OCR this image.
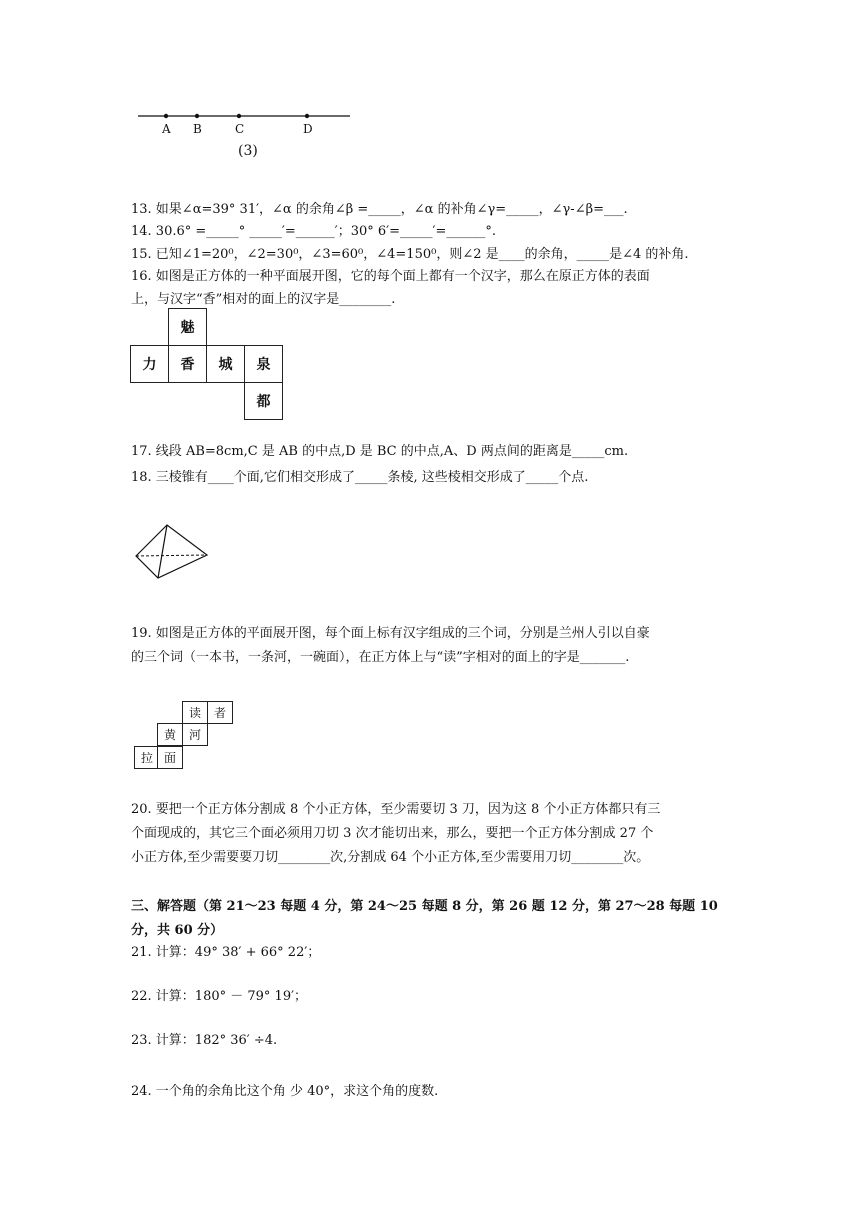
A B	C	D
(3)
13. 如果∠α=39° 31′，∠α 的余角∠β =_____，∠α 的补角∠γ=_____，∠γ-∠β=___.
14. 30.6° =_____° _____′=______′；30° 6′=_____′=______°.
15. 已知∠1=20⁰，∠2=30⁰，∠3=60⁰，∠4=150⁰，则∠2 是____的余角，_____是∠4 的补角.
16. 如图是正方体的一种平面展开图，它的每个面上都有一个汉字，那么在原正方体的表面
上，与汉字“香”相对的面上的汉字是________.
魅
力	香	城	泉
都
17. 线段 AB=8cm,C 是 AB 的中点,D 是 BC 的中点,A、D 两点间的距离是_____cm.
18. 三棱锥有____个面,它们相交形成了_____条棱, 这些棱相交形成了_____个点.
19. 如图是正方体的平面展开图，每个面上标有汉字组成的三个词，分别是兰州人引以自豪
的三个词（一本书，一条河，一碗面），在正方体上与“读”字相对的面上的字是_______.
读	者
黄	河
拉 面
20. 要把一个正方体分割成 8 个小正方体，至少需要切 3 刀，因为这 8 个小正方体都只有三
个面现成的，其它三个面必须用刀切 3 次才能切出来，那么，要把一个正方体分割成 27 个
小正方体,至少需要要刀切________次,分割成 64 个小正方体,至少需要用刀切________次。
三、解答题（第 21～23 每题 4 分，第 24～25 每题 8 分，第 26 题 12 分，第 27～28 每题 10
分，共 60 分）
21. 计算：49° 38′ + 66° 22′；
22. 计算：180° － 79° 19′；
23. 计算：182° 36′ ÷4.
24. 一个角的余角比这个角 少 40°，求这个角的度数.
